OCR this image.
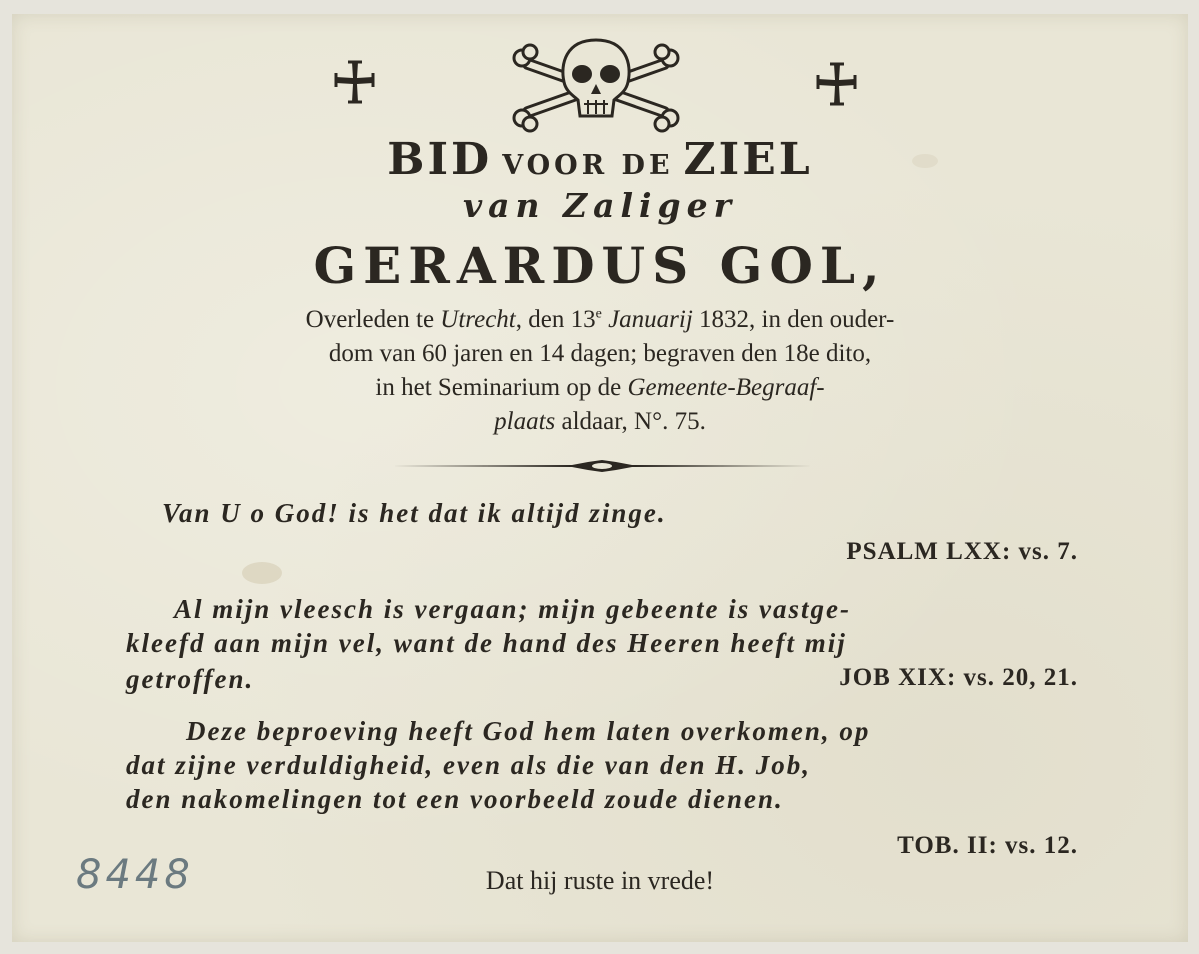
BID VOOR DE ZIEL
van Zaliger
GERARDUS GOL,
Overleden te Utrecht, den 13e Januarij 1832, in den ouder-
dom van 60 jaren en 14 dagen; begraven den 18e dito,
in het Seminarium op de Gemeente-Begraaf-
plaats aldaar, N°. 75.
Van U o God! is het dat ik altijd zinge.
PSALM LXX: vs. 7.
Al mijn vleesch is vergaan; mijn gebeente is vastge-
kleefd aan mijn vel, want de hand des Heeren heeft mij
getroffen.	JOB XIX: vs. 20, 21.
Deze beproeving heeft God hem laten overkomen, op
dat zijne verduldigheid, even als die van den H. Job,
den nakomelingen tot een voorbeeld zoude dienen.
TOB. II: vs. 12.
8448	Dat hij ruste in vrede!
